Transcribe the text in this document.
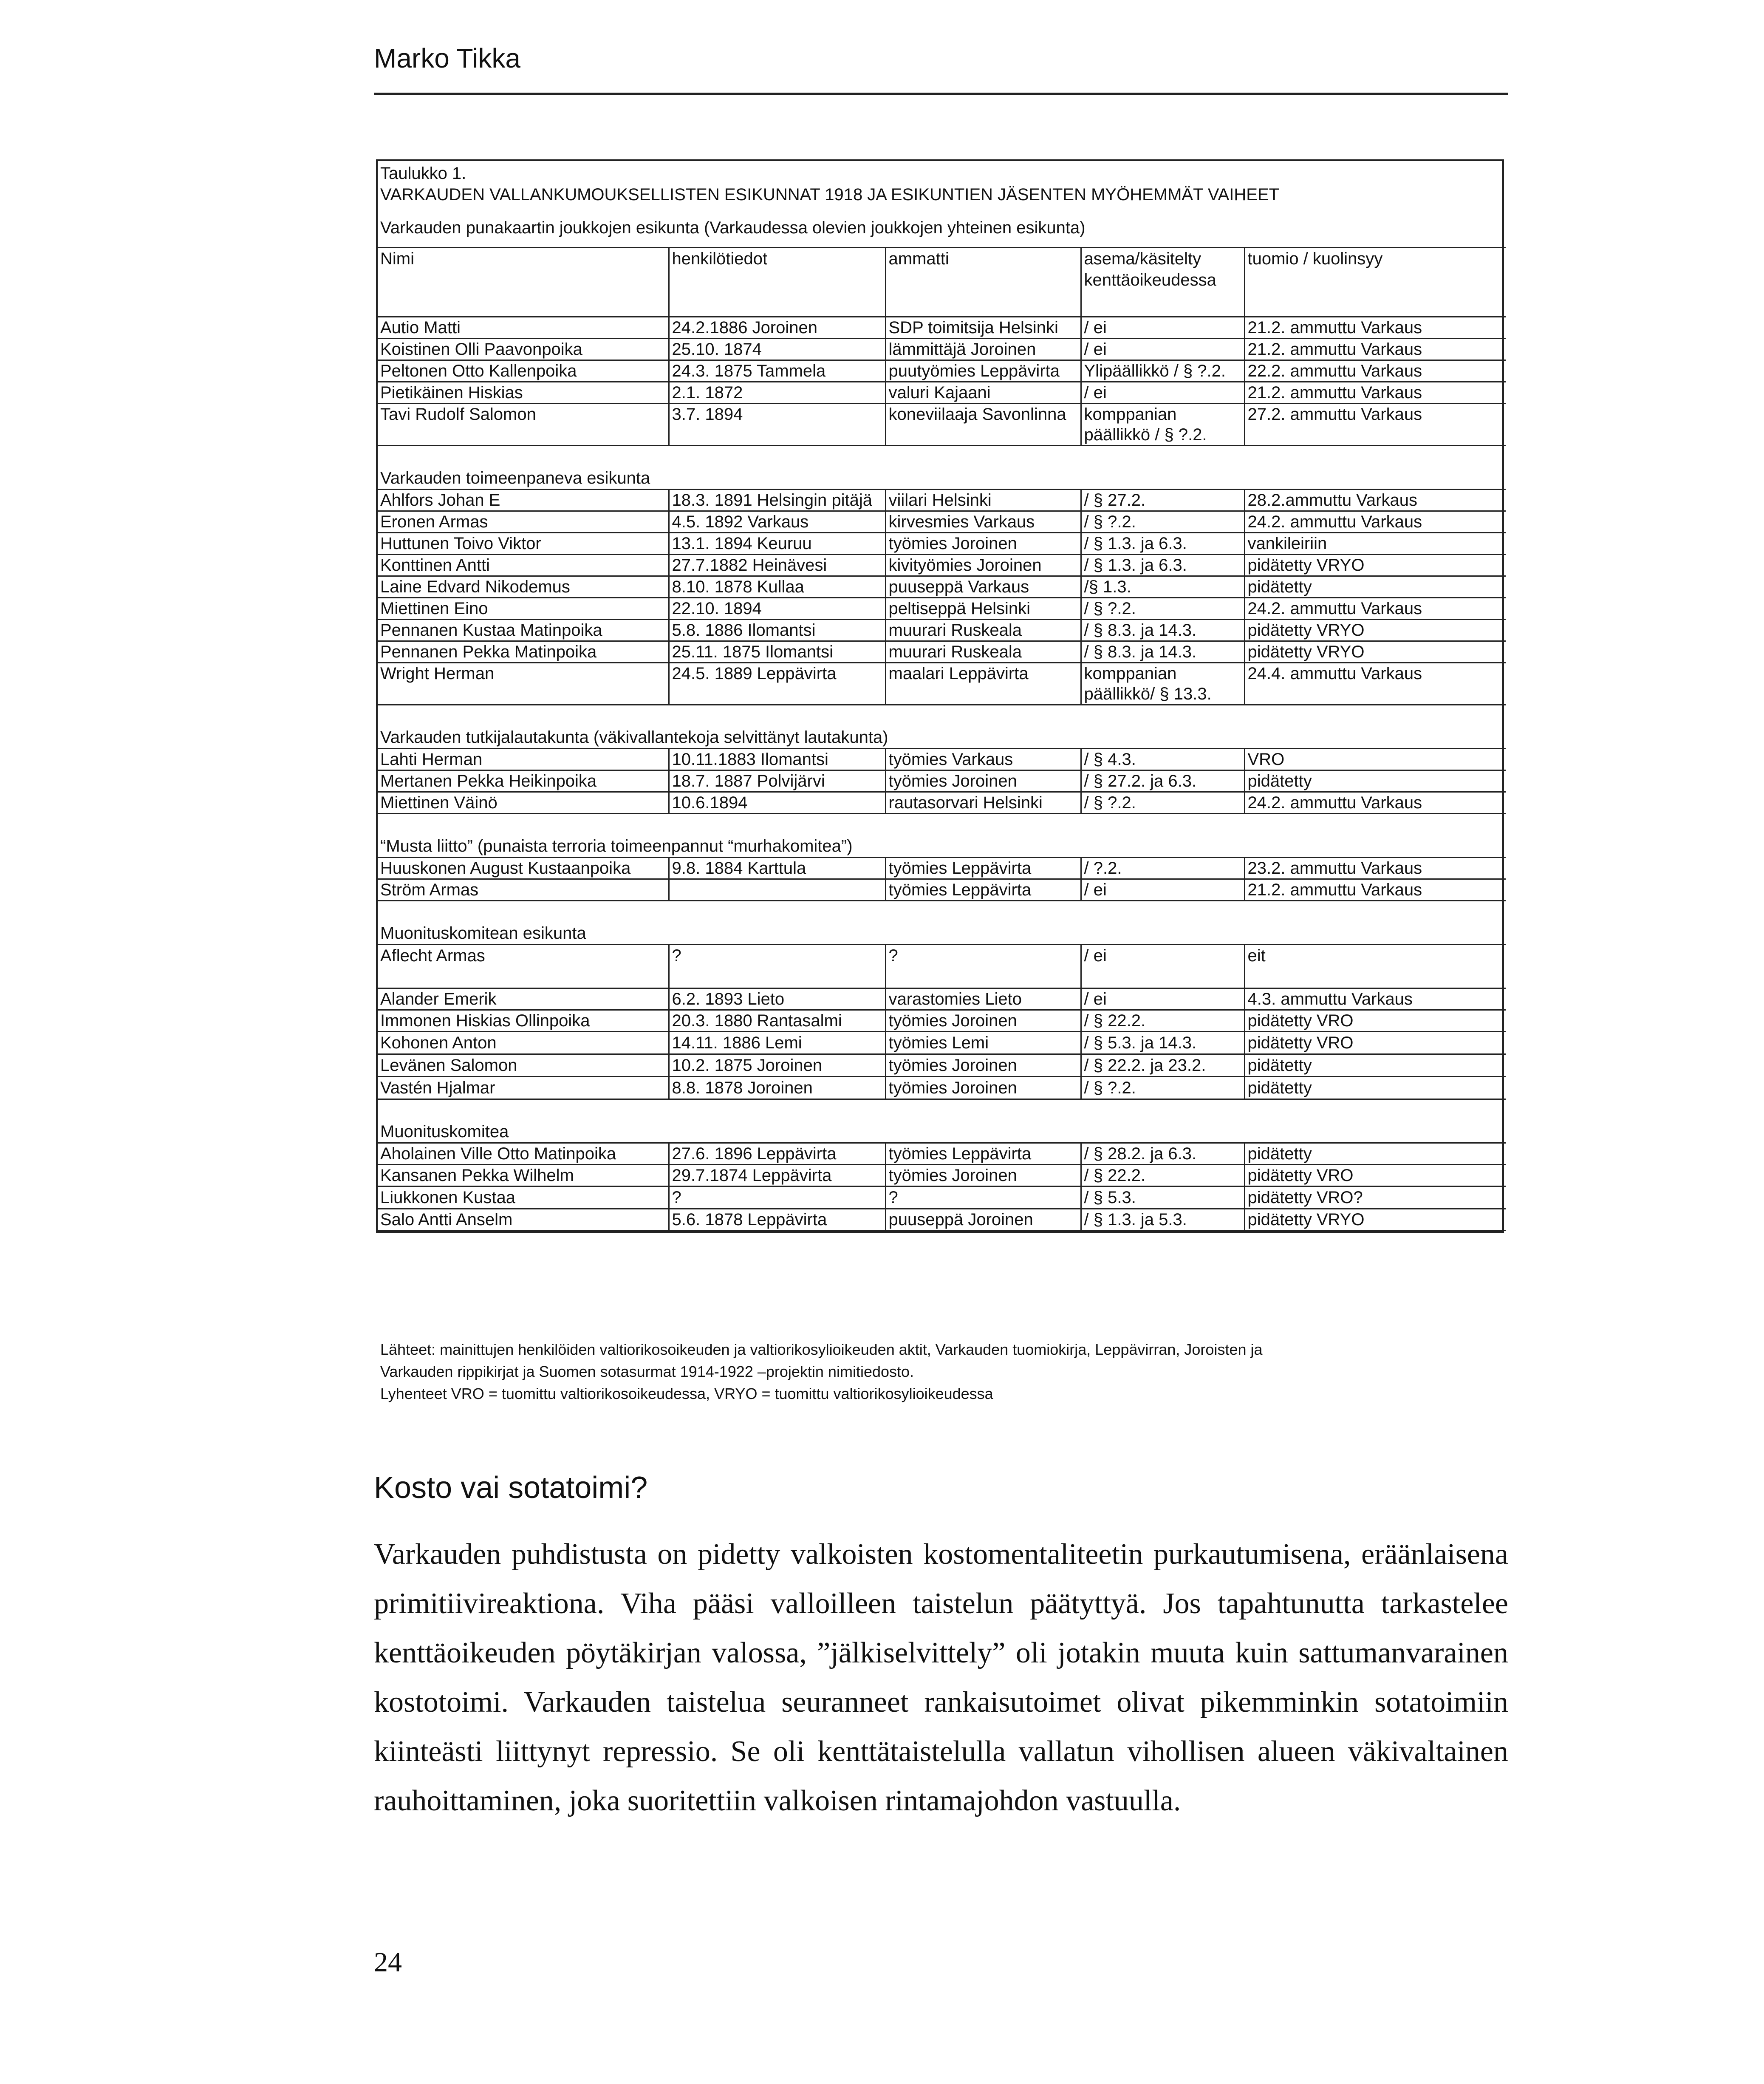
Marko Tikka
Taulukko 1.
VARKAUDEN VALLANKUMOUKSELLISTEN ESIKUNNAT 1918 JA ESIKUNTIEN JÄSENTEN MYÖHEMMÄT VAIHEET
Varkauden punakaartin joukkojen esikunta (Varkaudessa olevien joukkojen yhteinen esikunta)
Nimi	henkilötiedot	ammatti	asema/käsitelty kenttäoikeudessa	tuomio / kuolinsyy
Autio Matti	24.2.1886 Joroinen	SDP toimitsija Helsinki	/ ei	21.2. ammuttu Varkaus
Koistinen Olli Paavonpoika	25.10. 1874	lämmittäjä Joroinen	/ ei	21.2. ammuttu Varkaus
Peltonen Otto Kallenpoika	24.3. 1875 Tammela	puutyömies Leppävirta	Ylipäällikkö / § ?.2.	22.2. ammuttu Varkaus
Pietikäinen Hiskias	2.1. 1872	valuri Kajaani	/ ei	21.2. ammuttu Varkaus
Tavi Rudolf Salomon	3.7. 1894	koneviilaaja Savonlinna	komppanian päällikkö / § ?.2.	27.2. ammuttu Varkaus

Varkauden toimeenpaneva esikunta				
Ahlfors Johan E	18.3. 1891 Helsingin pitäjä	viilari Helsinki	/ § 27.2.	28.2.ammuttu Varkaus
Eronen Armas	4.5. 1892 Varkaus	kirvesmies Varkaus	/ § ?.2.	24.2. ammuttu Varkaus
Huttunen Toivo Viktor	13.1. 1894 Keuruu	työmies Joroinen	/ § 1.3. ja 6.3.	vankileiriin
Konttinen Antti	27.7.1882 Heinävesi	kivityömies Joroinen	/ § 1.3. ja 6.3.	pidätetty VRYO
Laine Edvard Nikodemus	8.10. 1878 Kullaa	puuseppä Varkaus	/§ 1.3.	pidätetty
Miettinen Eino	22.10. 1894	peltiseppä Helsinki	/ § ?.2.	24.2. ammuttu Varkaus
Pennanen Kustaa Matinpoika	5.8. 1886 Ilomantsi	muurari Ruskeala	/ § 8.3. ja 14.3.	pidätetty VRYO
Pennanen Pekka Matinpoika	25.11. 1875 Ilomantsi	muurari Ruskeala	/ § 8.3. ja 14.3.	pidätetty VRYO
Wright Herman	24.5. 1889 Leppävirta	maalari Leppävirta	komppanian päällikkö/ § 13.3.	24.4. ammuttu Varkaus

Varkauden tutkijalautakunta (väkivallantekoja selvittänyt lautakunta)				
Lahti Herman	10.11.1883 Ilomantsi	työmies Varkaus	/ § 4.3.	VRO
Mertanen Pekka Heikinpoika	18.7. 1887 Polvijärvi	työmies Joroinen	/ § 27.2. ja 6.3.	pidätetty
Miettinen Väinö	10.6.1894	rautasorvari Helsinki	/ § ?.2.	24.2. ammuttu Varkaus

“Musta liitto” (punaista terroria toimeenpannut “murhakomitea”)				
Huuskonen August Kustaanpoika	9.8. 1884 Karttula	työmies Leppävirta	/ ?.2.	23.2. ammuttu Varkaus
Ström Armas		työmies Leppävirta	/ ei	21.2. ammuttu Varkaus

Muonituskomitean esikunta				
Aflecht Armas	?	?	/ ei	eit
Alander Emerik	6.2. 1893 Lieto	varastomies Lieto	/ ei	4.3. ammuttu Varkaus
Immonen Hiskias Ollinpoika	20.3. 1880 Rantasalmi	työmies Joroinen	/ § 22.2.	pidätetty VRO
Kohonen Anton	14.11. 1886 Lemi	työmies Lemi	/ § 5.3. ja 14.3.	pidätetty VRO
Levänen Salomon	10.2. 1875 Joroinen	työmies Joroinen	/ § 22.2. ja 23.2.	pidätetty
Vastén Hjalmar	8.8. 1878 Joroinen	työmies Joroinen	/ § ?.2.	pidätetty

Muonituskomitea				
Aholainen Ville Otto Matinpoika	27.6. 1896 Leppävirta	työmies Leppävirta	/ § 28.2. ja 6.3.	pidätetty
Kansanen Pekka Wilhelm	29.7.1874 Leppävirta	työmies Joroinen	/ § 22.2.	pidätetty VRO
Liukkonen Kustaa	?	?	/ § 5.3.	pidätetty VRO?
Salo Antti Anselm	5.6. 1878 Leppävirta	puuseppä Joroinen	/ § 1.3. ja 5.3.	pidätetty VRYO
Lähteet: mainittujen henkilöiden valtiorikosoikeuden ja valtiorikosylioikeuden aktit, Varkauden tuomiokirja, Leppävirran, Joroisten ja
Varkauden rippikirjat ja Suomen sotasurmat 1914-1922 –projektin nimitiedosto.
Lyhenteet VRO = tuomittu valtiorikosoikeudessa, VRYO = tuomittu valtiorikosylioikeudessa
Kosto vai sotatoimi?
Varkauden puhdistusta on pidetty valkoisten kostomentaliteetin purkautumisena, eräänlaisena primitiivireaktiona. Viha pääsi valloilleen taistelun päätyttyä. Jos tapahtunutta tarkastelee kenttäoikeuden pöytäkirjan valossa, ”jälkiselvittely” oli jotakin muuta kuin sattumanvarainen kostotoimi. Varkauden taistelua seuranneet rankaisutoimet olivat pikemminkin sotatoimiin kiinteästi liittynyt repressio. Se oli kenttätaistelulla vallatun vihollisen alueen väkivaltainen rauhoittaminen, joka suoritettiin valkoisen rintamajohdon vastuulla.
24
